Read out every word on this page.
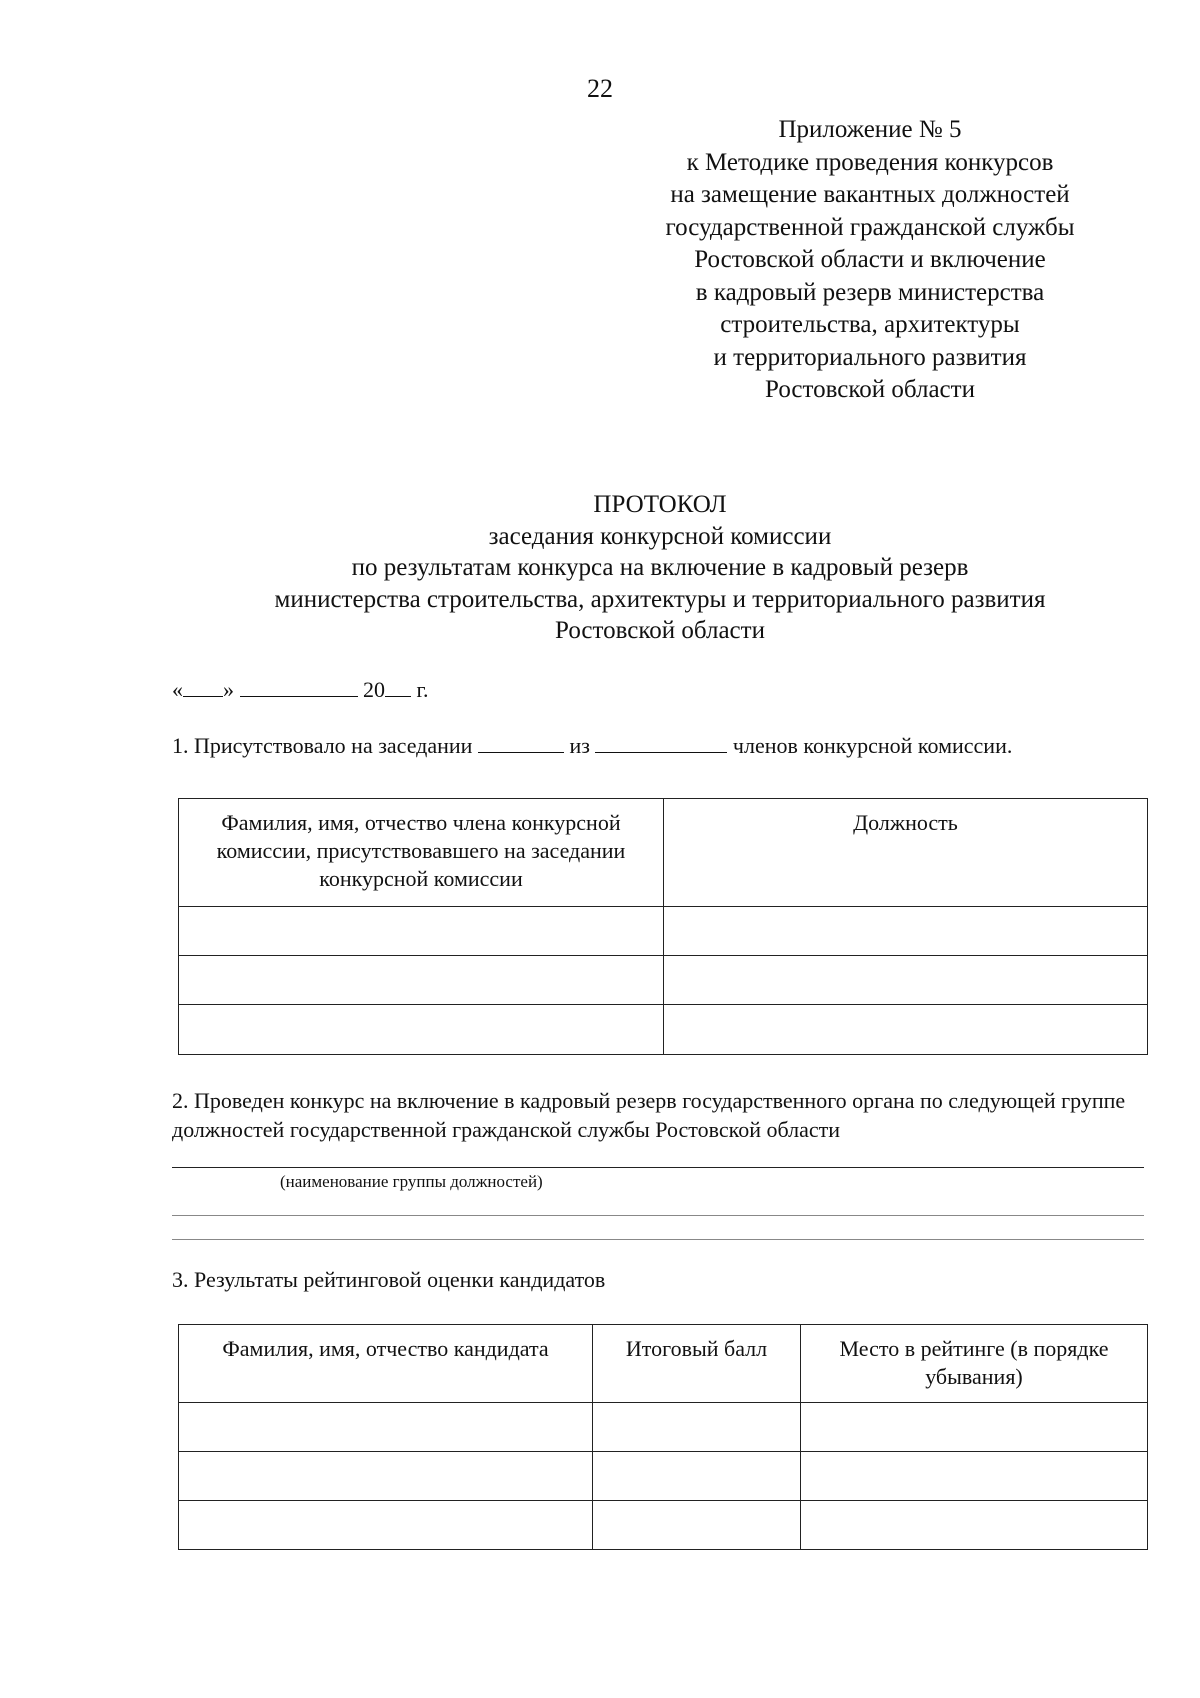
22
Приложение № 5
к Методике проведения конкурсов
на замещение вакантных должностей
государственной гражданской службы
Ростовской области и включение
в кадровый резерв министерства
строительства, архитектуры
и территориального развития
Ростовской области
ПРОТОКОЛ
заседания конкурсной комиссии
по результатам конкурса на включение в кадровый резерв
министерства строительства, архитектуры и территориального развития
Ростовской области
« »	20 г.
1. Присутствовало на заседании	из	членов конкурсной комиссии.
Фамилия, имя, отчество члена конкурсной комиссии, присутствовавшего на заседании конкурсной комиссии	Должность

2. Проведен конкурс на включение в кадровый резерв государственного органа по следующей группе должностей государственной гражданской службы Ростовской области
(наименование группы должностей)
3. Результаты рейтинговой оценки кандидатов
Фамилия, имя, отчество кандидата	Итоговый балл	Место в рейтинге (в порядке убывания)
